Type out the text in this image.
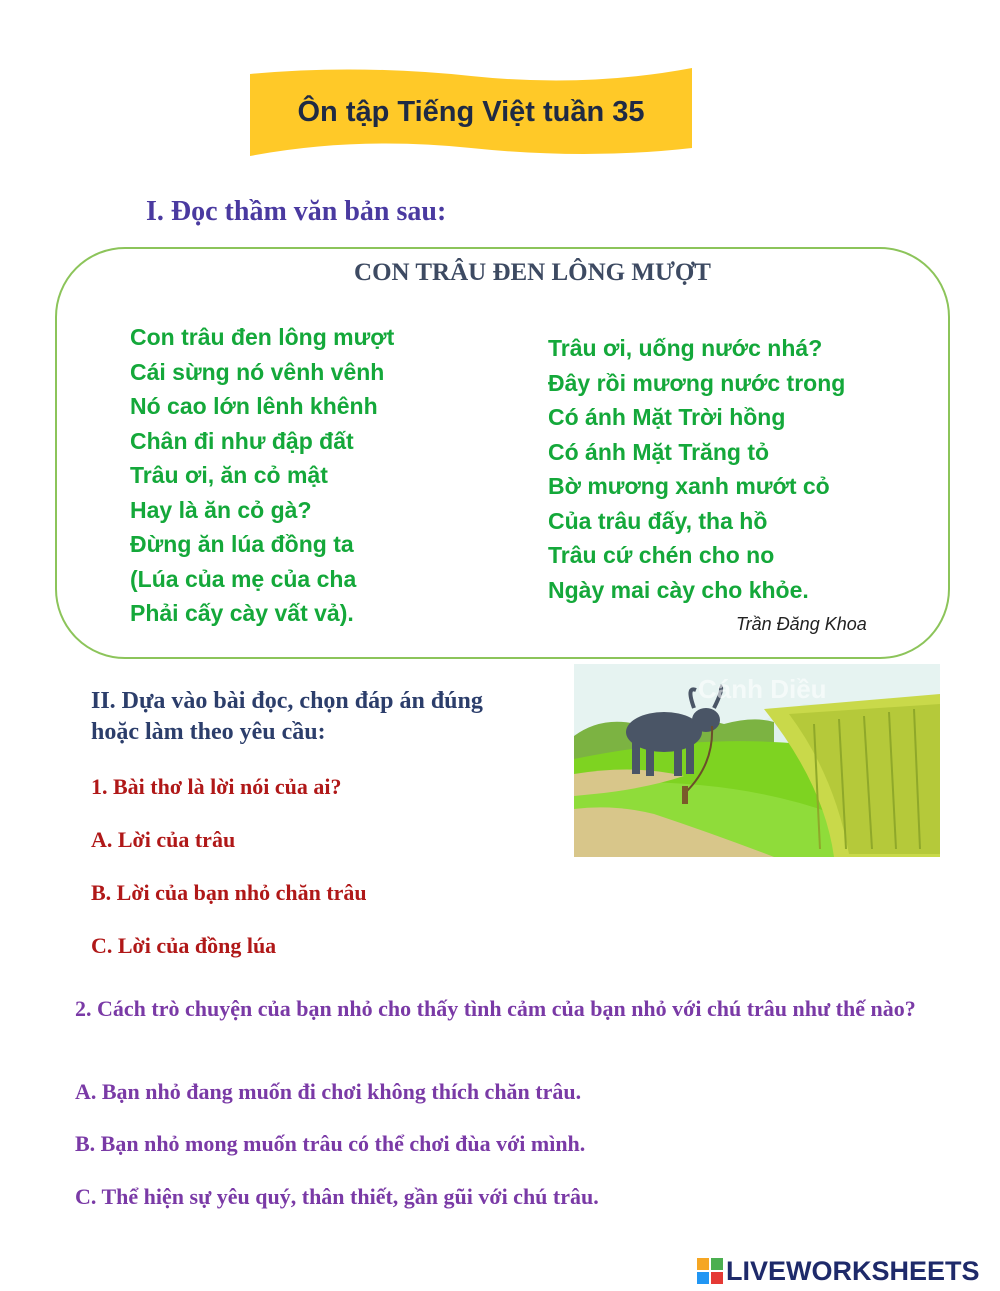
Ôn tập Tiếng Việt tuần 35
I. Đọc thầm văn bản sau:
CON TRÂU ĐEN LÔNG MƯỢT
Con trâu đen lông mượt
Cái sừng nó vênh vênh
Nó cao lớn lênh khênh
Chân đi như đập đất
Trâu ơi, ăn cỏ mật
Hay là ăn cỏ gà?
Đừng ăn lúa đồng ta
(Lúa của mẹ của cha
Phải cấy cày vất vả).
Trâu ơi, uống nước nhá?
Đây rồi mương nước trong
Có ánh Mặt Trời hồng
Có ánh Mặt Trăng tỏ
Bờ mương xanh mướt cỏ
Của trâu đấy, tha hồ
Trâu cứ chén cho no
Ngày mai cày cho khỏe.
Trần Đăng Khoa
Cánh Diều
II. Dựa vào bài đọc, chọn đáp án đúng
hoặc làm theo yêu cầu:
1. Bài thơ là lời nói của ai?
A. Lời của trâu
B. Lời của bạn nhỏ chăn trâu
C. Lời của đồng lúa
2. Cách trò chuyện của bạn nhỏ cho thấy tình cảm của bạn nhỏ với chú trâu như thế nào?
A. Bạn nhỏ đang muốn đi chơi không thích chăn trâu.
B. Bạn nhỏ mong muốn trâu có thể chơi đùa với mình.
C. Thể hiện sự yêu quý, thân thiết, gần gũi với chú trâu.
LIVEWORKSHEETS
